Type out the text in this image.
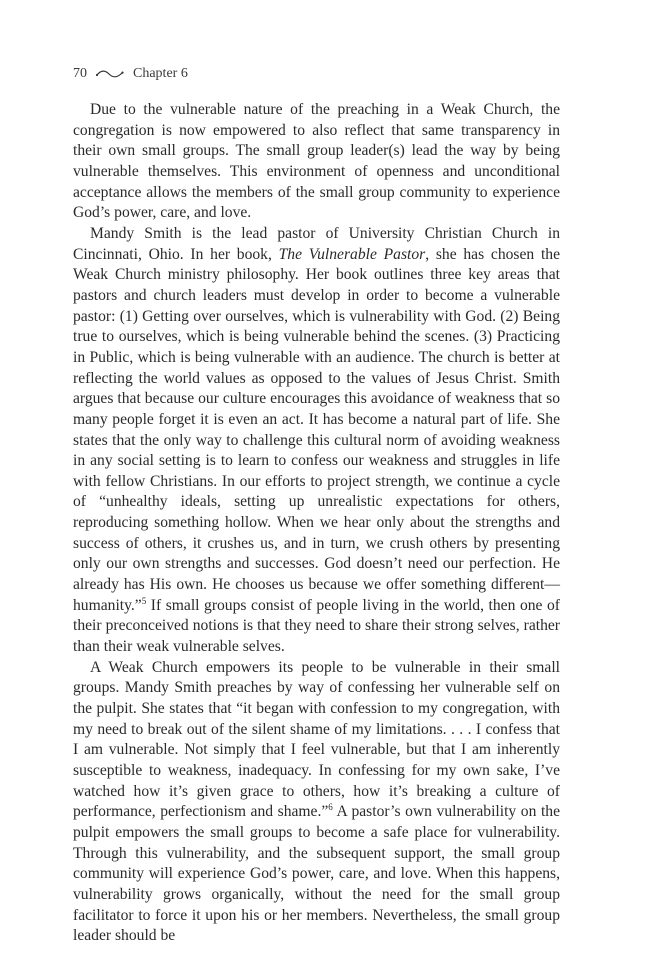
70	Chapter 6

Due to the vulnerable nature of the preaching in a Weak Church, the congregation is now empowered to also reflect that same transparency in their own small groups. The small group leader(s) lead the way by being vulnerable themselves. This environment of openness and unconditional acceptance allows the members of the small group community to experience God’s power, care, and love.

Mandy Smith is the lead pastor of University Christian Church in Cincinnati, Ohio. In her book, The Vulnerable Pastor, she has chosen the Weak Church ministry philosophy. Her book outlines three key areas that pastors and church leaders must develop in order to become a vulnerable pastor: (1) Getting over ourselves, which is vulnerability with God. (2) Being true to ourselves, which is being vulnerable behind the scenes. (3) Practicing in Public, which is being vulnerable with an audience. The church is better at reflecting the world values as opposed to the values of Jesus Christ. Smith argues that because our culture encourages this avoidance of weakness that so many people forget it is even an act. It has become a natural part of life. She states that the only way to challenge this cultural norm of avoiding weakness in any social setting is to learn to confess our weakness and struggles in life with fellow Christians. In our efforts to project strength, we continue a cycle of “unhealthy ideals, setting up unrealistic expectations for others, reproducing something hollow. When we hear only about the strengths and success of others, it crushes us, and in turn, we crush others by presenting only our own strengths and successes. God doesn’t need our perfection. He already has His own. He chooses us because we offer something different—humanity.”$^5$ If small groups consist of people living in the world, then one of their preconceived notions is that they need to share their strong selves, rather than their weak vulnerable selves.

A Weak Church empowers its people to be vulnerable in their small groups. Mandy Smith preaches by way of confessing her vulnerable self on the pulpit. She states that “it began with confession to my congregation, with my need to break out of the silent shame of my limitations. . . . I confess that I am vulnerable. Not simply that I feel vulnerable, but that I am inherently susceptible to weakness, inadequacy. In confessing for my own sake, I’ve watched how it’s given grace to others, how it’s breaking a culture of performance, perfectionism and shame.”$^6$ A pastor’s own vulnerability on the pulpit empowers the small groups to become a safe place for vulnerability. Through this vulnerability, and the subsequent support, the small group community will experience God’s power, care, and love. When this happens, vulnerability grows organically, without the need for the small group facilitator to force it upon his or her members. Nevertheless, the small group leader should be
